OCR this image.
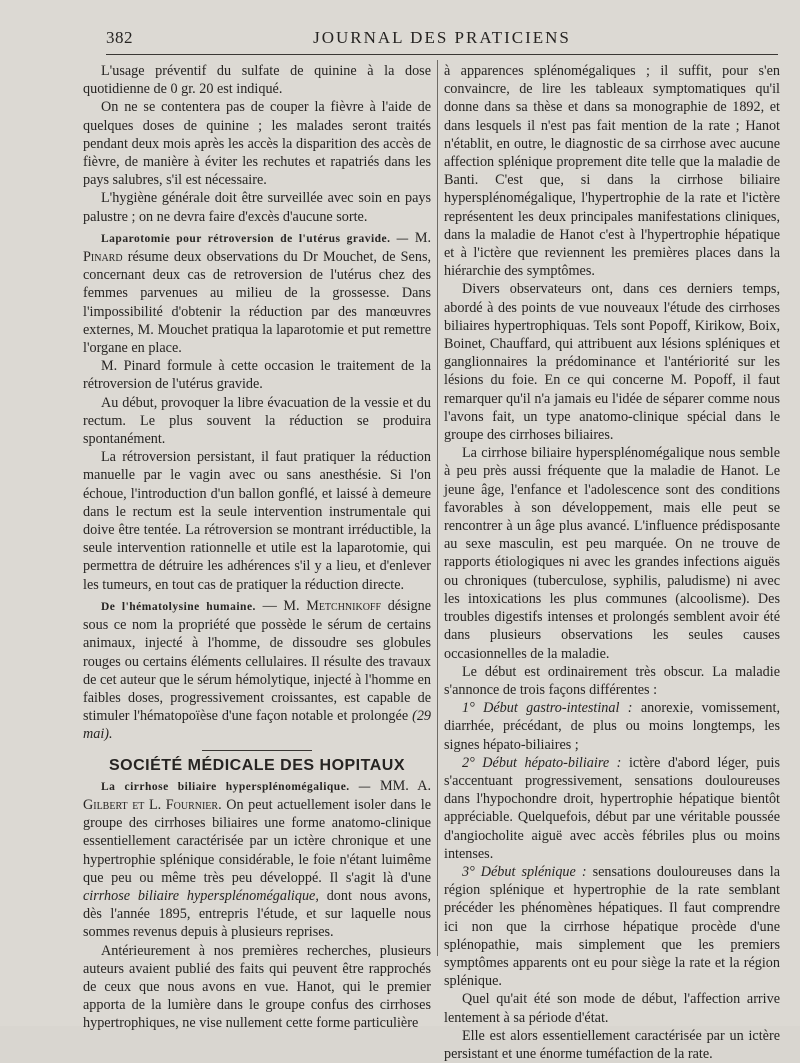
382	JOURNAL DES PRATICIENS

L'usage préventif du sulfate de quinine à la dose quotidienne de 0 gr. 20 est indiqué.

On ne se contentera pas de couper la fièvre à l'aide de quelques doses de quinine ; les malades seront traités pendant deux mois après les accès la disparition des accès de fièvre, de manière à éviter les rechutes et rapatriés dans les pays salubres, s'il est nécessaire.

L'hygiène générale doit être surveillée avec soin en pays palustre ; on ne devra faire d'excès d'aucune sorte.

Laparotomie pour rétroversion de l'utérus gravide. — M. Pinard résume deux observations du Dr Mouchet, de Sens, concernant deux cas de retroversion de l'utérus chez des femmes parvenues au milieu de la grossesse. Dans l'impossibilité d'obtenir la réduction par des manœuvres externes, M. Mouchet pratiqua la laparotomie et put remettre l'organe en place.

M. Pinard formule à cette occasion le traitement de la rétroversion de l'utérus gravide.

Au début, provoquer la libre évacuation de la vessie et du rectum. Le plus souvent la réduction se produira spontanément.

La rétroversion persistant, il faut pratiquer la réduction manuelle par le vagin avec ou sans anesthésie. Si l'on échoue, l'introduction d'un ballon gonflé, et laissé à demeure dans le rectum est la seule intervention instrumentale qui doive être tentée. La rétroversion se montrant irréductible, la seule intervention rationnelle et utile est la laparotomie, qui permettra de détruire les adhérences s'il y a lieu, et d'enlever les tumeurs, en tout cas de pratiquer la réduction directe.

De l'hématolysine humaine. — M. Metchnikoff désigne sous ce nom la propriété que possède le sérum de certains animaux, injecté à l'homme, de dissoudre ses globules rouges ou certains éléments cellulaires. Il résulte des travaux de cet auteur que le sérum hémolytique, injecté à l'homme en faibles doses, progressivement croissantes, est capable de stimuler l'hématopoïèse d'une façon notable et prolongée (29 mai).

SOCIÉTÉ MÉDICALE DES HOPITAUX

La cirrhose biliaire hypersplénomégalique. — MM. A. Gilbert et L. Fournier. On peut actuellement isoler dans le groupe des cirrhoses biliaires une forme anatomo-clinique essentiellement caractérisée par un ictère chronique et une hypertrophie splénique considérable, le foie n'étant luimême que peu ou même très peu développé. Il s'agit là d'une cirrhose biliaire hypersplénomégalique, dont nous avons, dès l'année 1895, entrepris l'étude, et sur laquelle nous sommes revenus depuis à plusieurs reprises.

Antérieurement à nos premières recherches, plusieurs auteurs avaient publié des faits qui peuvent être rapprochés de ceux que nous avons en vue. Hanot, qui le premier apporta de la lumière dans le groupe confus des cirrhoses hypertrophiques, ne vise nullement cette forme particulière

à apparences splénomégaliques ; il suffit, pour s'en convaincre, de lire les tableaux symptomatiques qu'il donne dans sa thèse et dans sa monographie de 1892, et dans lesquels il n'est pas fait mention de la rate ; Hanot n'établit, en outre, le diagnostic de sa cirrhose avec aucune affection splénique proprement dite telle que la maladie de Banti. C'est que, si dans la cirrhose biliaire hypersplénomégalique, l'hypertrophie de la rate et l'ictère représentent les deux principales manifestations cliniques, dans la maladie de Hanot c'est à l'hypertrophie hépatique et à l'ictère que reviennent les premières places dans la hiérarchie des symptômes.

Divers observateurs ont, dans ces derniers temps, abordé à des points de vue nouveaux l'étude des cirrhoses biliaires hypertrophiquas. Tels sont Popoff, Kirikow, Boix, Boinet, Chauffard, qui attribuent aux lésions spléniques et ganglionnaires la prédominance et l'antériorité sur les lésions du foie. En ce qui concerne M. Popoff, il faut remarquer qu'il n'a jamais eu l'idée de séparer comme nous l'avons fait, un type anatomo-clinique spécial dans le groupe des cirrhoses biliaires.

La cirrhose biliaire hypersplénomégalique nous semble à peu près aussi fréquente que la maladie de Hanot. Le jeune âge, l'enfance et l'adolescence sont des conditions favorables à son développement, mais elle peut se rencontrer à un âge plus avancé. L'influence prédisposante au sexe masculin, est peu marquée. On ne trouve de rapports étiologiques ni avec les grandes infections aiguës ou chroniques (tuberculose, syphilis, paludisme) ni avec les intoxications les plus communes (alcoolisme). Des troubles digestifs intenses et prolongés semblent avoir été dans plusieurs observations les seules causes occasionnelles de la maladie.

Le début est ordinairement très obscur. La maladie s'annonce de trois façons différentes :

1° Début gastro-intestinal : anorexie, vomissement, diarrhée, précédant, de plus ou moins longtemps, les signes hépato-biliaires ;

2° Début hépato-biliaire : ictère d'abord léger, puis s'accentuant progressivement, sensations douloureuses dans l'hypochondre droit, hypertrophie hépatique bientôt appréciable. Quelquefois, début par une véritable poussée d'angiocholite aiguë avec accès fébriles plus ou moins intenses.

3° Début splénique : sensations douloureuses dans la région splénique et hypertrophie de la rate semblant précéder les phénomènes hépatiques. Il faut comprendre ici non que la cirrhose hépatique procède d'une splénopathie, mais simplement que les premiers symptômes apparents ont eu pour siège la rate et la région splénique.

Quel qu'ait été son mode de début, l'affection arrive lentement à sa période d'état.

Elle est alors essentiellement caractérisée par un ictère persistant et une énorme tuméfaction de la rate.
